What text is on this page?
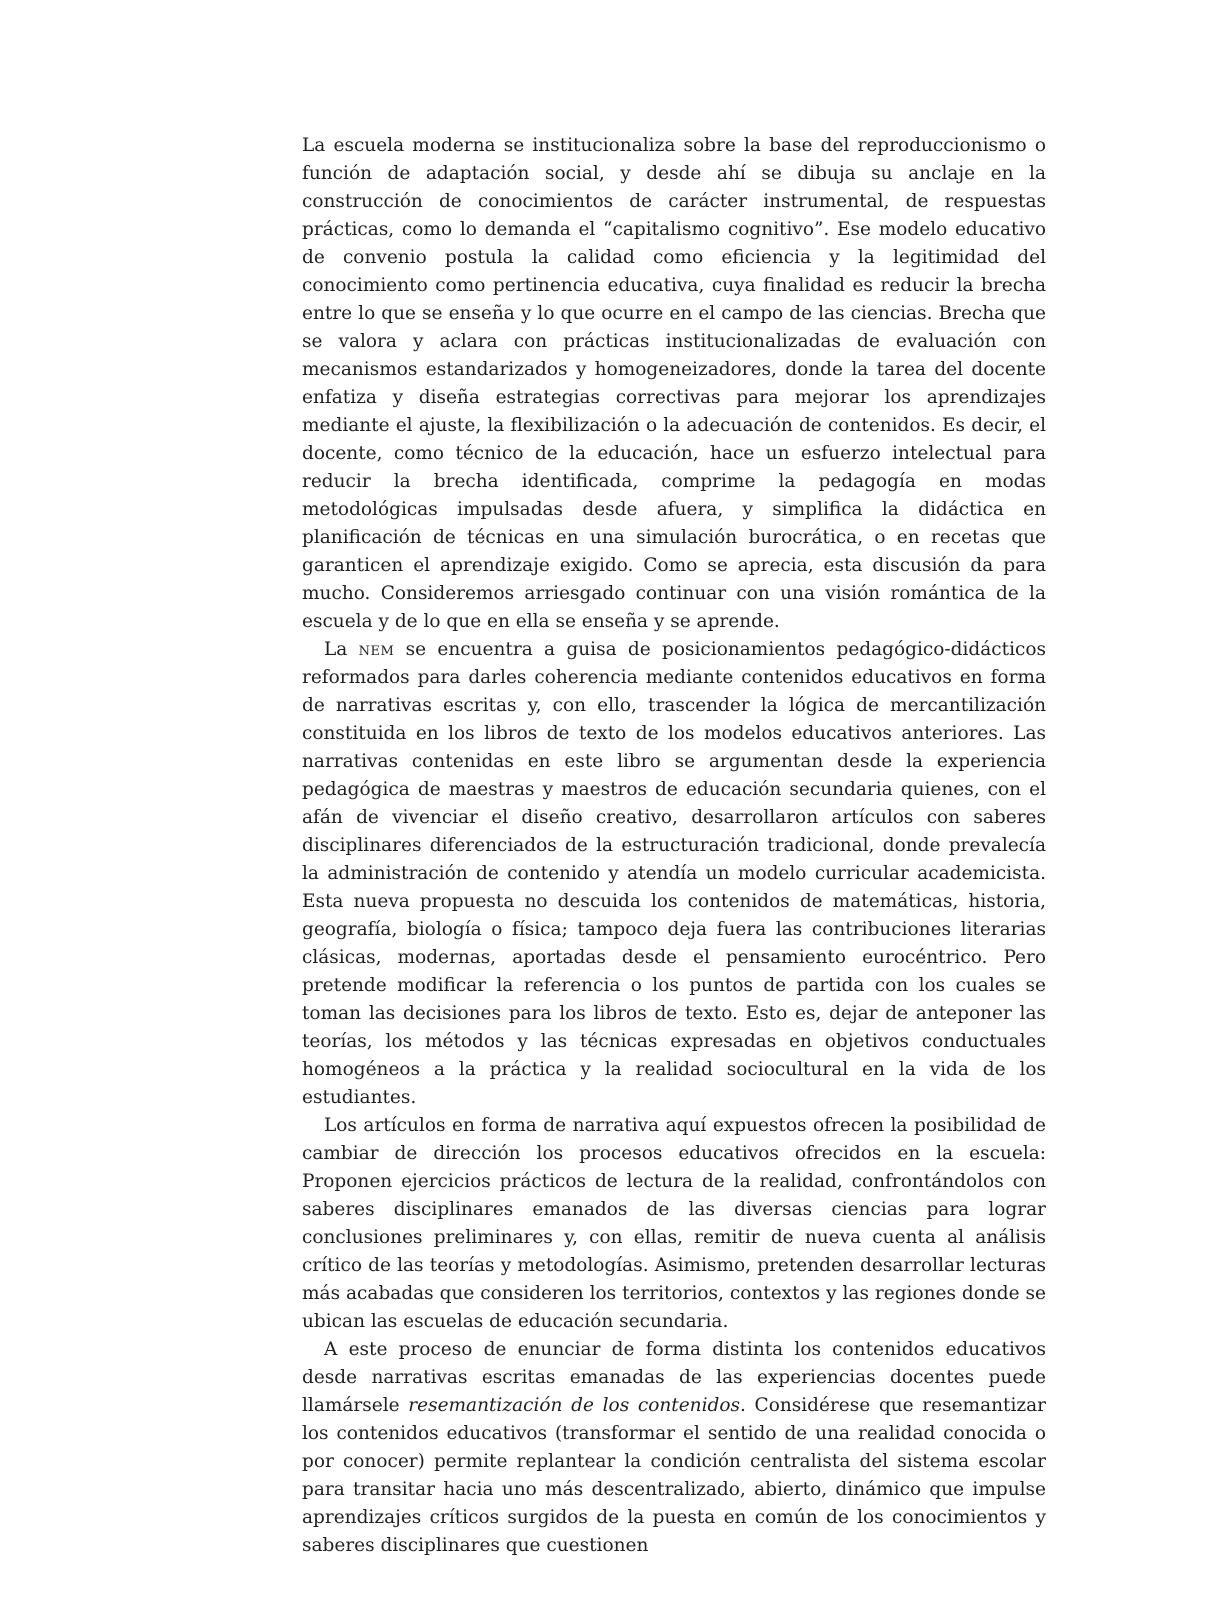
La escuela moderna se institucionaliza sobre la base del reproduccionismo o función de adaptación social, y desde ahí se dibuja su anclaje en la construcción de conocimientos de carácter instrumental, de respuestas prácticas, como lo demanda el “capitalismo cognitivo”. Ese modelo educativo de convenio postula la calidad como eficiencia y la legitimidad del conocimiento como pertinencia educativa, cuya finalidad es reducir la brecha entre lo que se enseña y lo que ocurre en el campo de las ciencias. Brecha que se valora y aclara con prácticas institucionalizadas de evaluación con mecanismos estandarizados y homogeneizadores, donde la tarea del docente enfatiza y diseña estrategias correctivas para mejorar los aprendizajes mediante el ajuste, la flexibilización o la adecuación de contenidos. Es decir, el docente, como técnico de la educación, hace un esfuerzo intelectual para reducir la brecha identificada, comprime la pedagogía en modas metodológicas impulsadas desde afuera, y simplifica la didáctica en planificación de técnicas en una simulación burocrática, o en recetas que garanticen el aprendizaje exigido. Como se aprecia, esta discusión da para mucho. Consideremos arriesgado continuar con una visión romántica de la escuela y de lo que en ella se enseña y se aprende.

La nem se encuentra a guisa de posicionamientos pedagógico-didácticos reformados para darles coherencia mediante contenidos educativos en forma de narrativas escritas y, con ello, trascender la lógica de mercantilización constituida en los libros de texto de los modelos educativos anteriores. Las narrativas contenidas en este libro se argumentan desde la experiencia pedagógica de maestras y maestros de educación secundaria quienes, con el afán de vivenciar el diseño creativo, desarrollaron artículos con saberes disciplinares diferenciados de la estructuración tradicional, donde prevalecía la administración de contenido y atendía un modelo curricular academicista. Esta nueva propuesta no descuida los contenidos de matemáticas, historia, geografía, biología o física; tampoco deja fuera las contribuciones literarias clásicas, modernas, aportadas desde el pensamiento eurocéntrico. Pero pretende modificar la referencia o los puntos de partida con los cuales se toman las decisiones para los libros de texto. Esto es, dejar de anteponer las teorías, los métodos y las técnicas expresadas en objetivos conductuales homogéneos a la práctica y la realidad sociocultural en la vida de los estudiantes.

Los artículos en forma de narrativa aquí expuestos ofrecen la posibilidad de cambiar de dirección los procesos educativos ofrecidos en la escuela: Proponen ejercicios prácticos de lectura de la realidad, confrontándolos con saberes disciplinares emanados de las diversas ciencias para lograr conclusiones preliminares y, con ellas, remitir de nueva cuenta al análisis crítico de las teorías y metodologías. Asimismo, pretenden desarrollar lecturas más acabadas que consideren los territorios, contextos y las regiones donde se ubican las escuelas de educación secundaria.

A este proceso de enunciar de forma distinta los contenidos educativos desde narrativas escritas emanadas de las experiencias docentes puede llamársele resemantización de los contenidos. Considérese que resemantizar los contenidos educativos (transformar el sentido de una realidad conocida o por conocer) permite replantear la condición centralista del sistema escolar para transitar hacia uno más descentralizado, abierto, dinámico que impulse aprendizajes críticos surgidos de la puesta en común de los conocimientos y saberes disciplinares que cuestionen
